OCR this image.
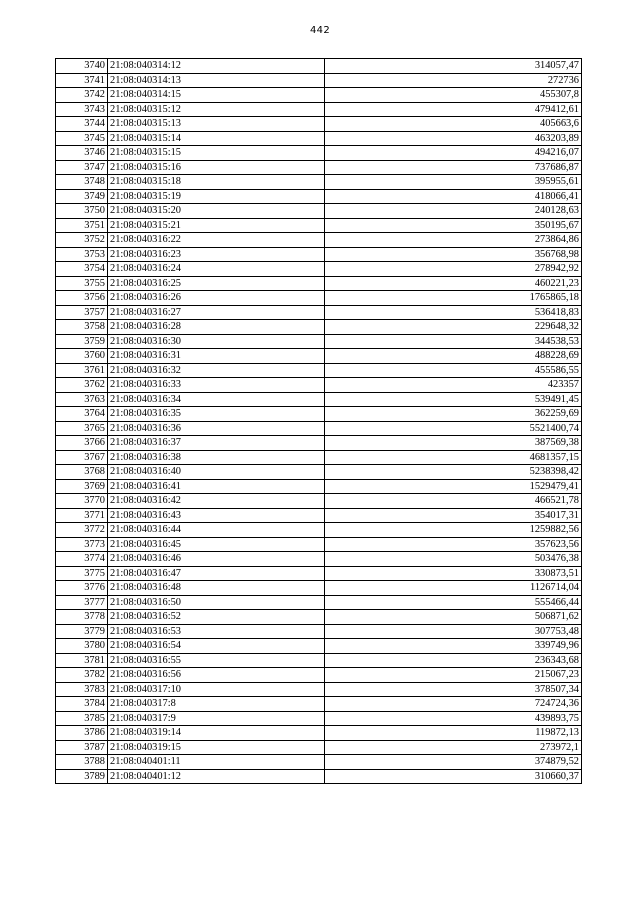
442
3740	21:08:040314:12	314057,47
3741	21:08:040314:13	272736
3742	21:08:040314:15	455307,8
3743	21:08:040315:12	479412,61
3744	21:08:040315:13	405663,6
3745	21:08:040315:14	463203,89
3746	21:08:040315:15	494216,07
3747	21:08:040315:16	737686,87
3748	21:08:040315:18	395955,61
3749	21:08:040315:19	418066,41
3750	21:08:040315:20	240128,63
3751	21:08:040315:21	350195,67
3752	21:08:040316:22	273864,86
3753	21:08:040316:23	356768,98
3754	21:08:040316:24	278942,92
3755	21:08:040316:25	460221,23
3756	21:08:040316:26	1765865,18
3757	21:08:040316:27	536418,83
3758	21:08:040316:28	229648,32
3759	21:08:040316:30	344538,53
3760	21:08:040316:31	488228,69
3761	21:08:040316:32	455586,55
3762	21:08:040316:33	423357
3763	21:08:040316:34	539491,45
3764	21:08:040316:35	362259,69
3765	21:08:040316:36	5521400,74
3766	21:08:040316:37	387569,38
3767	21:08:040316:38	4681357,15
3768	21:08:040316:40	5238398,42
3769	21:08:040316:41	1529479,41
3770	21:08:040316:42	466521,78
3771	21:08:040316:43	354017,31
3772	21:08:040316:44	1259882,56
3773	21:08:040316:45	357623,56
3774	21:08:040316:46	503476,38
3775	21:08:040316:47	330873,51
3776	21:08:040316:48	1126714,04
3777	21:08:040316:50	555466,44
3778	21:08:040316:52	506871,62
3779	21:08:040316:53	307753,48
3780	21:08:040316:54	339749,96
3781	21:08:040316:55	236343,68
3782	21:08:040316:56	215067,23
3783	21:08:040317:10	378507,34
3784	21:08:040317:8	724724,36
3785	21:08:040317:9	439893,75
3786	21:08:040319:14	119872,13
3787	21:08:040319:15	273972,1
3788	21:08:040401:11	374879,52
3789	21:08:040401:12	310660,37
